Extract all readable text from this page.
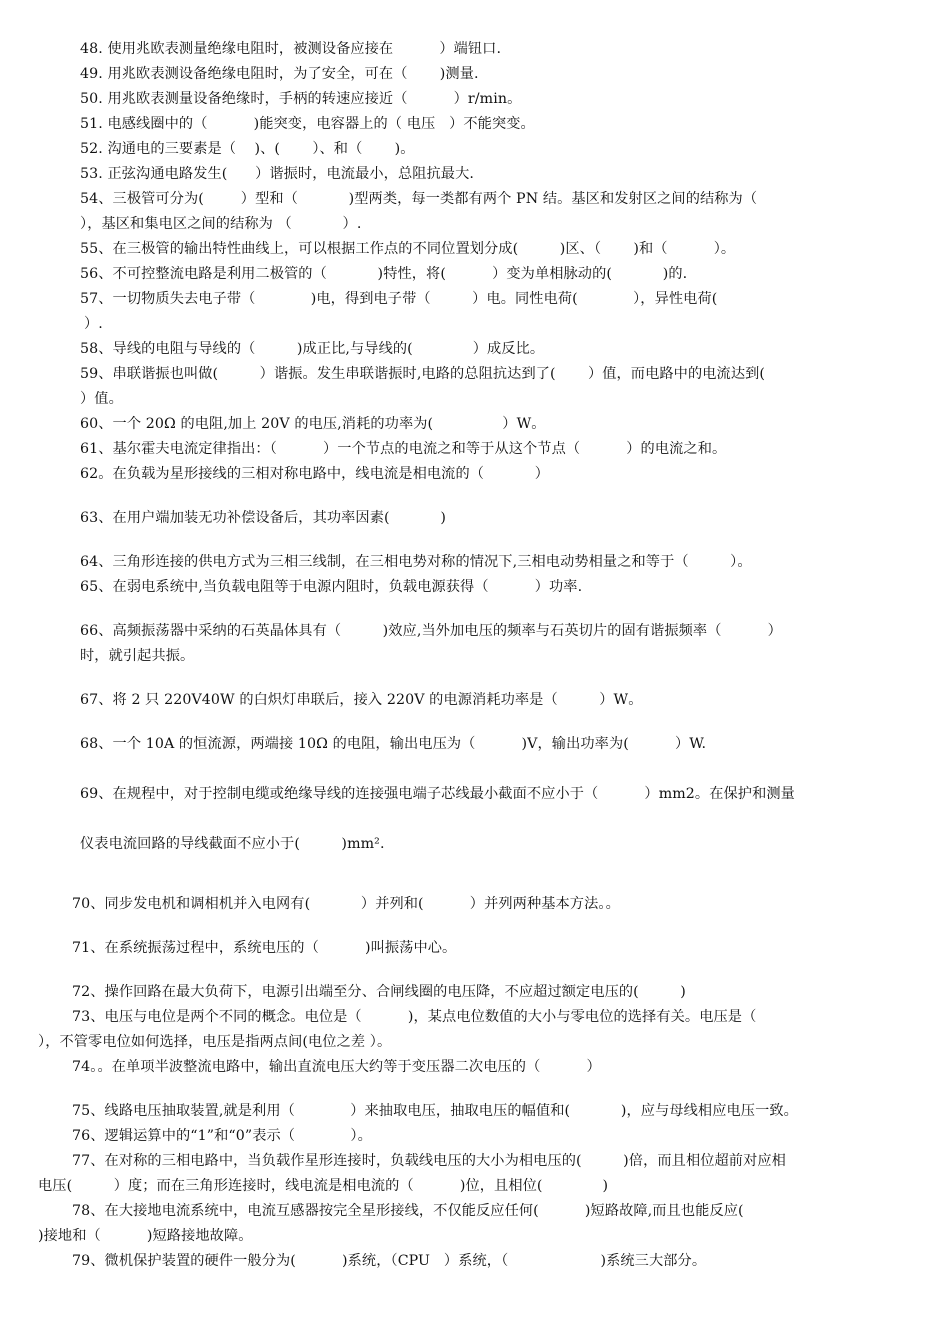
48. 使用兆欧表测量绝缘电阻时，被测设备应接在          ）端钮口.
49. 用兆欧表测设备绝缘电阻时，为了安全，可在（       )测量.
50. 用兆欧表测量设备绝缘时，手柄的转速应接近（          ）r/min。
51. 电感线圈中的（          )能突变，电容器上的（ 电压   ）不能突变。
52. 沟通电的三要素是（    )、(       ）、和（       )。
53. 正弦沟通电路发生(      ）谐振时，电流最小，总阻抗最大.
54、三极管可分为(        ）型和（           )型两类，每一类都有两个 PN 结。基区和发射区之间的结称为（
），基区和集电区之间的结称为 （           ）.
55、在三极管的输出特性曲线上，可以根据工作点的不同位置划分成(         )区、（       )和（          ）。
56、不可控整流电路是利用二极管的（           )特性，将(          ）变为单相脉动的(           )的.
57、一切物质失去电子带（            )电，得到电子带（         ）电。同性电荷(            ），异性电荷(
）.
58、导线的电阻与导线的（         )成正比,与导线的(             ）成反比。
59、串联谐振也叫做(         ）谐振。发生串联谐振时,电路的总阻抗达到了(       ）值，而电路中的电流达到(
）值。
60、一个 20Ω 的电阻,加上 20V 的电压,消耗的功率为(               ）W。
61、基尔霍夫电流定律指出：（          ）一个节点的电流之和等于从这个节点（          ）的电流之和。
62。在负载为星形接线的三相对称电路中，线电流是相电流的（           ）
63、在用户端加装无功补偿设备后，其功率因素(           )
64、三角形连接的供电方式为三相三线制，在三相电势对称的情况下,三相电动势相量之和等于（         ）。
65、在弱电系统中,当负载电阻等于电源内阻时，负载电源获得（          ）功率.
66、高频振荡器中采纳的石英晶体具有（         )效应,当外加电压的频率与石英切片的固有谐振频率（          ）
时，就引起共振。
67、将 2 只 220V40W 的白炽灯串联后，接入 220V 的电源消耗功率是（         ）W。
68、一个 10A 的恒流源，两端接 10Ω 的电阻，输出电压为（          )V，输出功率为(          ）W.
69、在规程中，对于控制电缆或绝缘导线的连接强电端子芯线最小截面不应小于（          ）mm2。在保护和测量
仪表电流回路的导线截面不应小于(         )mm².
70、同步发电机和调相机并入电网有(           ）并列和(          ）并列两种基本方法。。
71、在系统振荡过程中，系统电压的（          )叫振荡中心。
72、操作回路在最大负荷下，电源引出端至分、合闸线圈的电压降，不应超过额定电压的(         )
73、电压与电位是两个不同的概念。电位是（          )，某点电位数值的大小与零电位的选择有关。电压是（
），不管零电位如何选择，电压是指两点间(电位之差 ）。
74。。在单项半波整流电路中，输出直流电压大约等于变压器二次电压的（          ）
75、线路电压抽取装置,就是利用（            ）来抽取电压，抽取电压的幅值和(           )，应与母线相应电压一致。
76、逻辑运算中的“1”和“0”表示（            ）。
77、在对称的三相电路中，当负载作星形连接时，负载线电压的大小为相电压的(         )倍，而且相位超前对应相
电压(         ）度；而在三角形连接时，线电流是相电流的（          )位，且相位(             )
78、在大接地电流系统中，电流互感器按完全星形接线，不仅能反应任何(          )短路故障,而且也能反应(
)接地和（          )短路接地故障。
79、微机保护装置的硬件一般分为(          )系统，（CPU   ）系统，（                    )系统三大部分。
